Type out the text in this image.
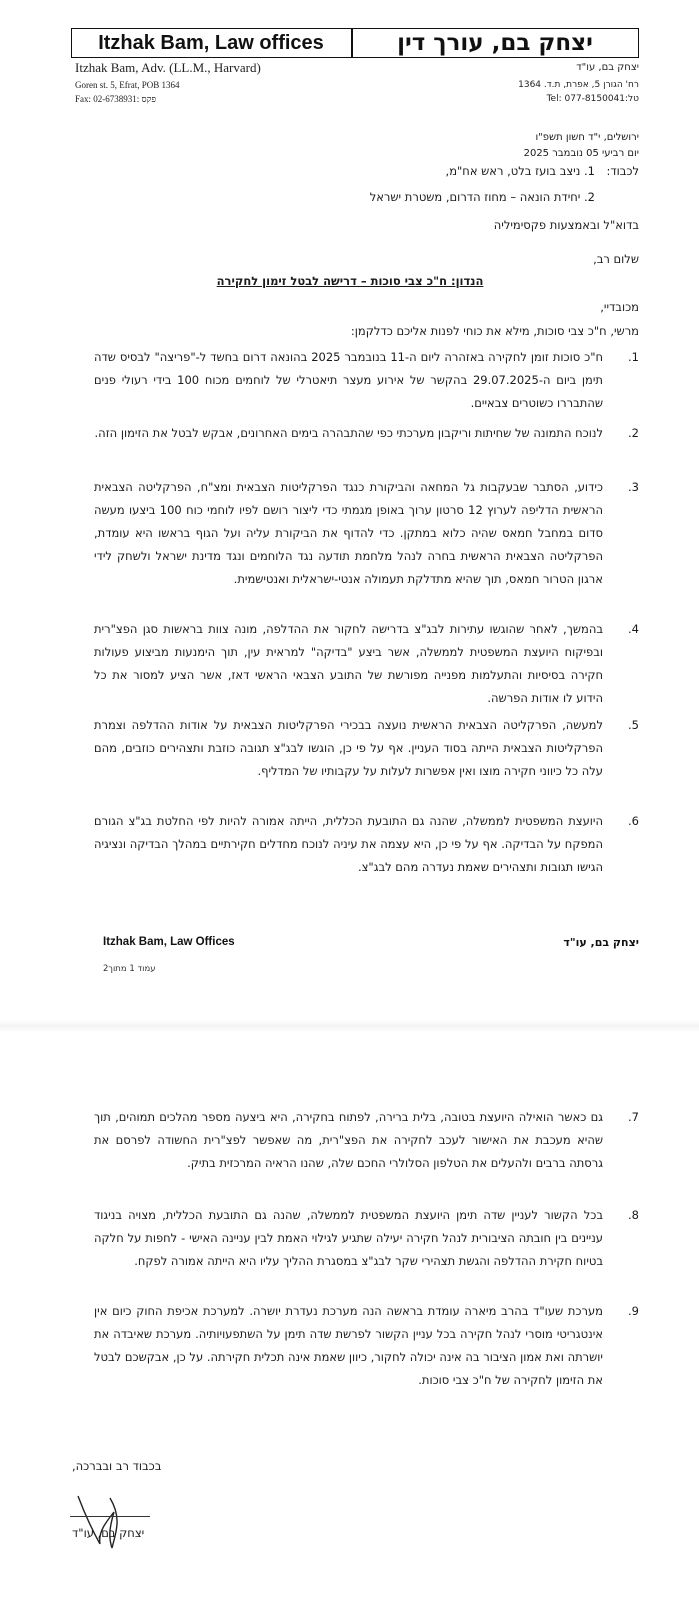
Itzhak Bam, Law offices	יצחק בם, עורך דין
Itzhak Bam, Adv. (LL.M., Harvard)
Goren st. 5, Efrat, POB 1364
Fax: 02-6738931: פקס
יצחק בם, עו"ד
רח' הגורן 5, אפרת, ת.ד. 1364
Tel: 077-8150041:טל
ירושלים, י"ד חשון תשפ"ו
יום רביעי 05 נובמבר 2025
לכבוד:
1. ניצב בועז בלט, ראש אח"מ,
2. יחידת הונאה – מחוז הדרום, משטרת ישראל
בדוא"ל ובאמצעות פקסימיליה
שלום רב,
הנדון: ח"כ צבי סוכות – דרישה לבטל זימון לחקירה
מכובדיי,
מרשי, ח"כ צבי סוכות, מילא את כוחי לפנות אליכם כדלקמן:
1.
ח"כ סוכות זומן לחקירה באזהרה ליום ה-11 בנובמבר 2025 בהונאה דרום בחשד ל-"פריצה" לבסיס שדה תימן ביום ה-29.07.2025 בהקשר של אירוע מעצר תיאטרלי של לוחמים מכוח 100 בידי רעולי פנים שהתבררו כשוטרים צבאיים.
2.
לנוכח התמונה של שחיתות וריקבון מערכתי כפי שהתבהרה בימים האחרונים, אבקש לבטל את הזימון הזה.
3.
כידוע, הסתבר שבעקבות גל המחאה והביקורת כנגד הפרקליטות הצבאית ומצ"ח, הפרקליטה הצבאית הראשית הדליפה לערוץ 12 סרטון ערוך באופן מגמתי כדי ליצור רושם לפיו לוחמי כוח 100 ביצעו מעשה סדום במחבל חמאס שהיה כלוא במתקן. כדי להדוף את הביקורת עליה ועל הגוף בראשו היא עומדת, הפרקליטה הצבאית הראשית בחרה לנהל מלחמת תודעה נגד הלוחמים ונגד מדינת ישראל ולשחק לידי ארגון הטרור חמאס, תוך שהיא מתדלקת תעמולה אנטי-ישראלית ואנטישמית.
4.
בהמשך, לאחר שהוגשו עתירות לבג"צ בדרישה לחקור את ההדלפה, מונה צוות בראשות סגן הפצ"רית ובפיקוח היועצת המשפטית לממשלה, אשר ביצע "בדיקה" למראית עין, תוך הימנעות מביצוע פעולות חקירה בסיסיות והתעלמות מפנייה מפורשת של התובע הצבאי הראשי דאז, אשר הציע למסור את כל הידוע לו אודות הפרשה.
5.
למעשה, הפרקליטה הצבאית הראשית נועצה בבכירי הפרקליטות הצבאית על אודות ההדלפה וצמרת הפרקליטות הצבאית הייתה בסוד העניין. אף על פי כן, הוגשו לבג"צ תגובה כוזבת ותצהירים כוזבים, מהם עלה כל כיווני חקירה מוצו ואין אפשרות לעלות על עקבותיו של המדליף.
6.
היועצת המשפטית לממשלה, שהנה גם התובעת הכללית, הייתה אמורה להיות לפי החלטת בג"צ הגורם המפקח על הבדיקה. אף על פי כן, היא עצמה את עיניה לנוכח מחדלים חקירתיים במהלך הבדיקה ונציגיה הגישו תגובות ותצהירים שאמת נעדרה מהם לבג"צ.
Itzhak Bam, Law Offices	יצחק בם, עו"ד
עמוד 1 מתוך2
7.
גם כאשר הואילה היועצת בטובה, בלית ברירה, לפתוח בחקירה, היא ביצעה מספר מהלכים תמוהים, תוך שהיא מעכבת את האישור לעכב לחקירה את הפצ"רית, מה שאפשר לפצ"רית החשודה לפרסם את גרסתה ברבים ולהעלים את הטלפון הסלולרי החכם שלה, שהנו הראיה המרכזית בתיק.
8.
בכל הקשור לעניין שדה תימן היועצת המשפטית לממשלה, שהנה גם התובעת הכללית, מצויה בניגוד עניינים בין חובתה הציבורית לנהל חקירה יעילה שתגיע לגילוי האמת לבין עניינה האישי - לחפות על חלקה בטיוח חקירת ההדלפה והגשת תצהירי שקר לבג"צ במסגרת ההליך עליו היא הייתה אמורה לפקח.
9.
מערכת שעו"ד בהרב מיארה עומדת בראשה הנה מערכת נעדרת יושרה. למערכת אכיפת החוק כיום אין אינטגריטי מוסרי לנהל חקירה בכל עניין הקשור לפרשת שדה תימן על השתפעויותיה. מערכת שאיבדה את יושרתה ואת אמון הציבור בה אינה יכולה לחקור, כיוון שאמת אינה תכלית חקירתה. על כן, אבקשכם לבטל את הזימון לחקירה של ח"כ צבי סוכות.
בכבוד רב ובברכה,
יצחק בם, עו"ד
